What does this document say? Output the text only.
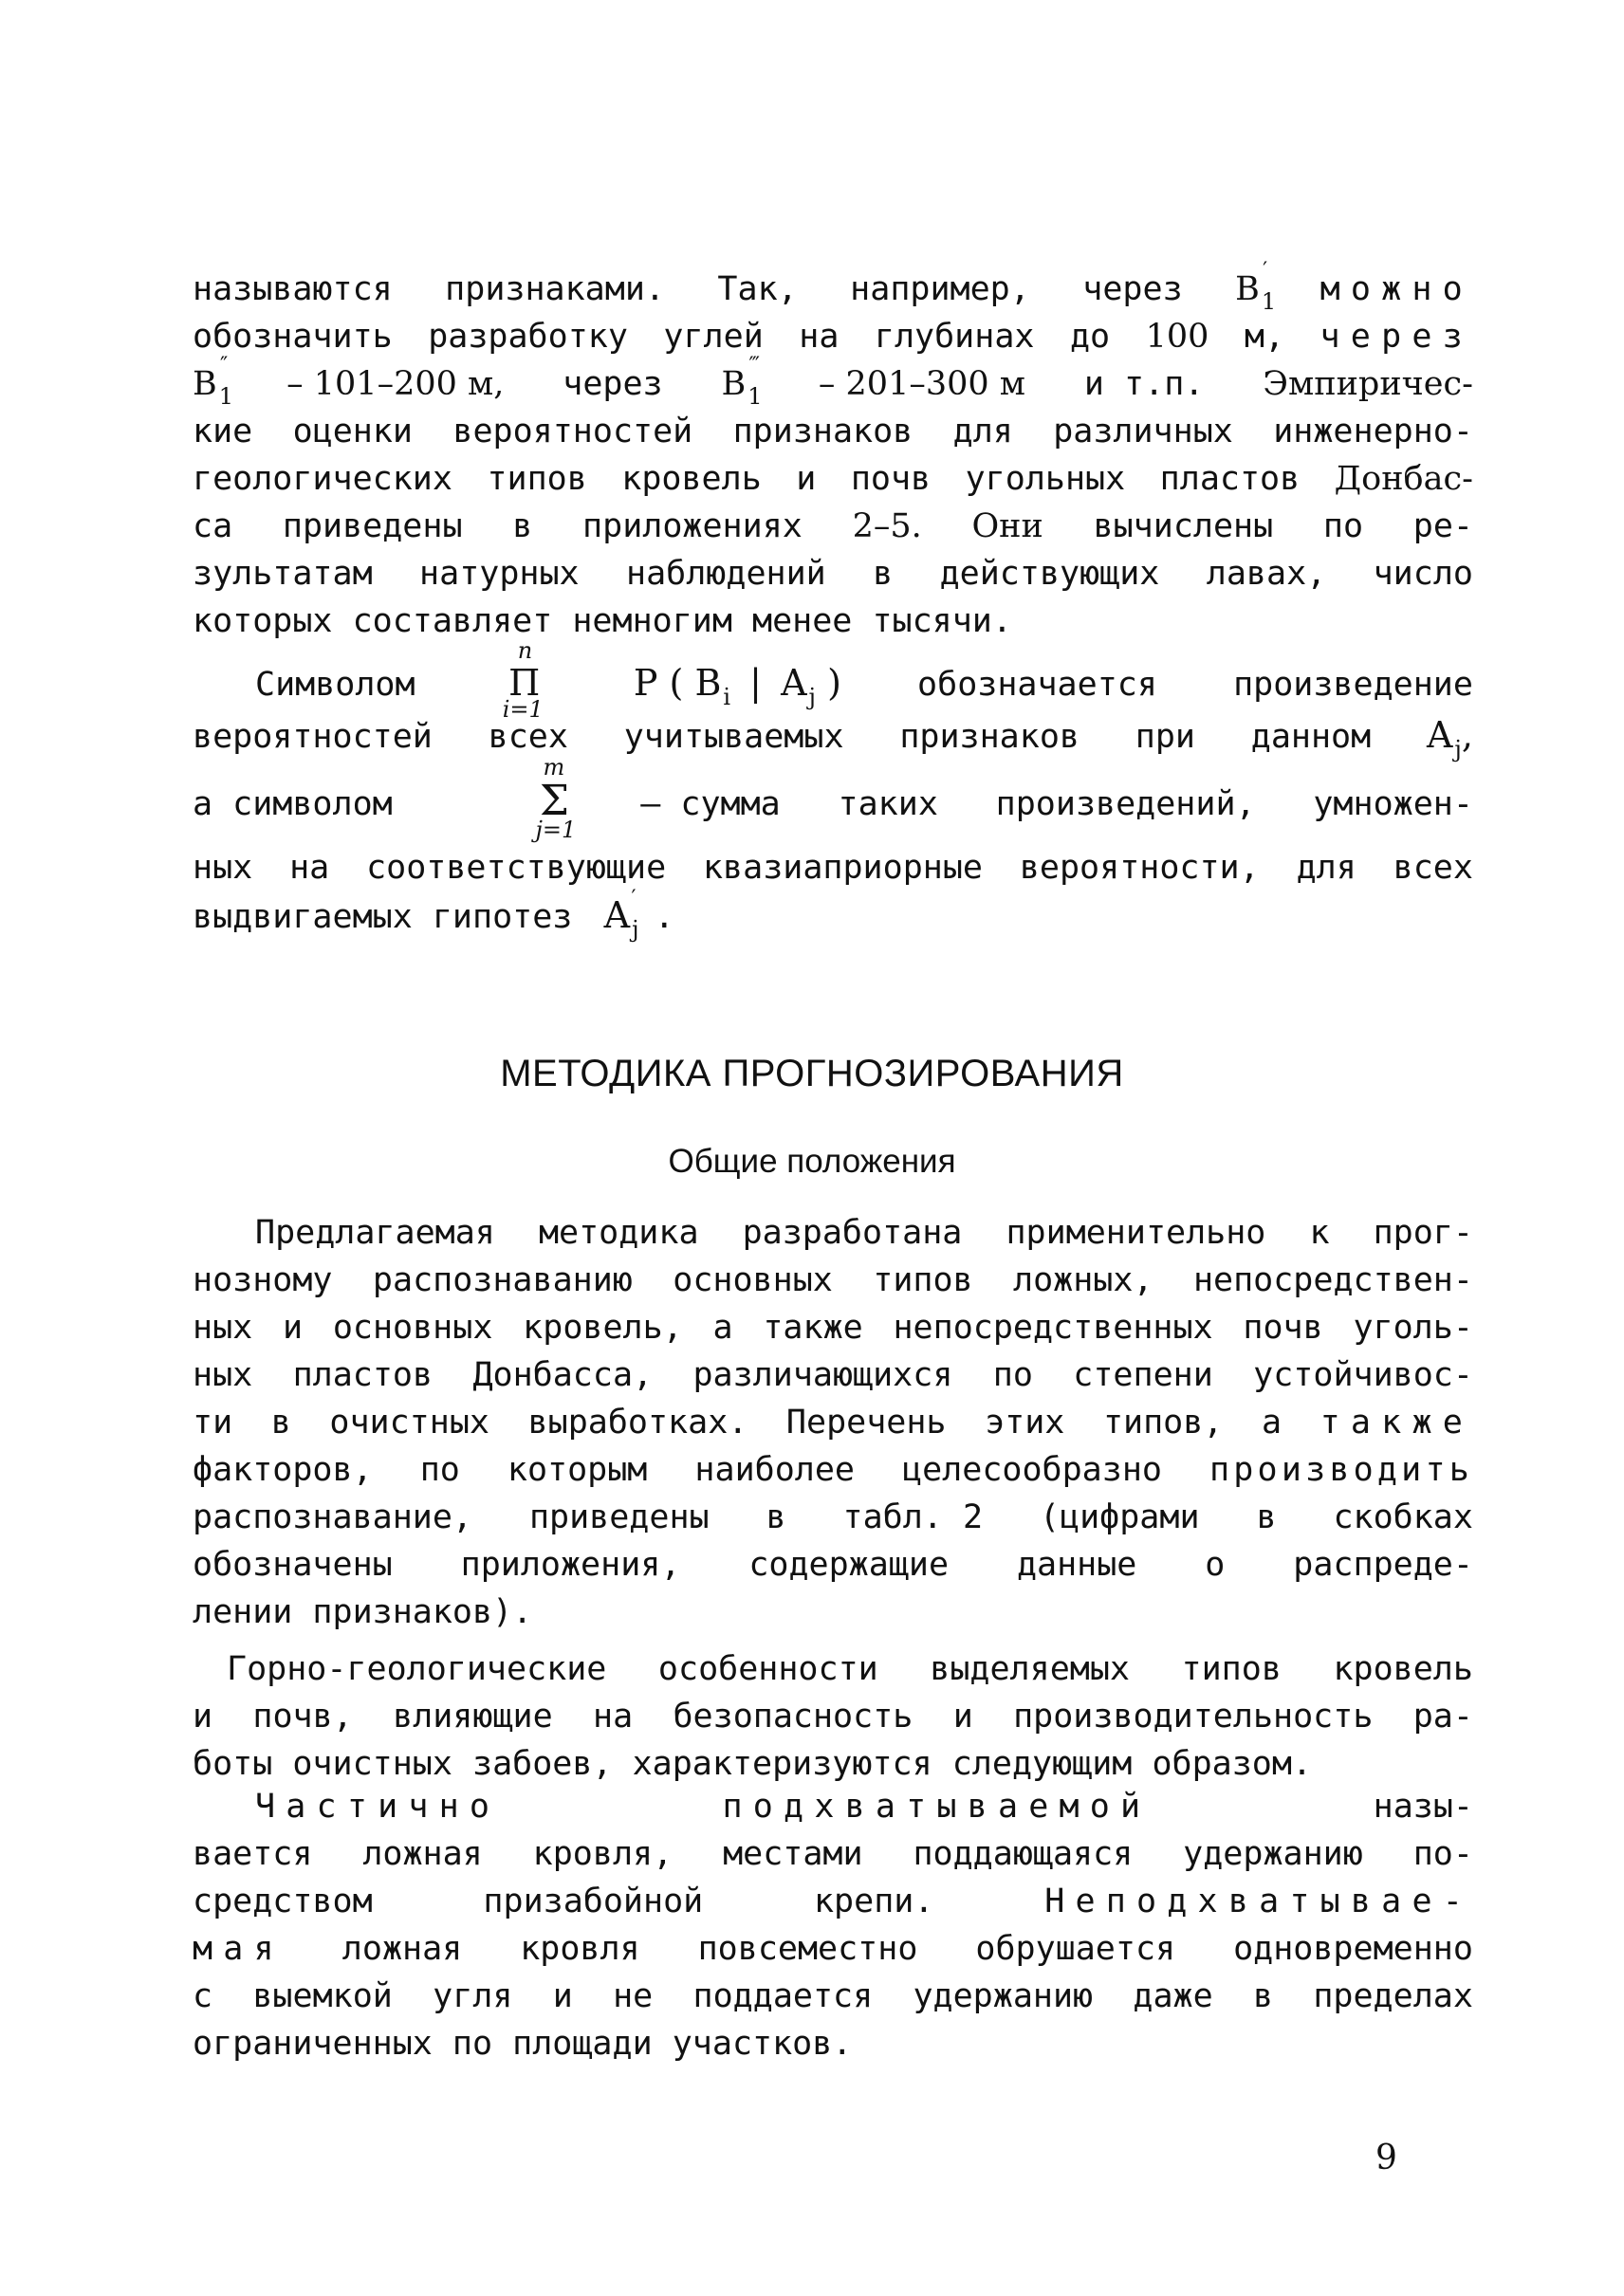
называются признаками. Так, например, через $B_1'$ можно
обозначить разработку углей на глубинах до 100 м, через
$B_1'' - 101-200$ м, через $B_1^‴ - 201-300$ м и т.п. Эмпиричес-
кие оценки вероятностей признаков для различных инженерно-
геологических типов кровель и почв угольных пластов Донбас-
са приведены в приложениях 2–5. Они вычислены по ре-
зультатам натурных наблюдений в действующих лавах, число
которых составляет немногим менее тысячи.
Символом
n
Π
i=1
P ( $B_i$ | $A_j$ ) обозначается произведение
вероятностей всех учитываемых признаков при данном $A_j$,
а символом
m
Σ
j=1
– сумма таких произведений, умножен-
ных на соответствующие квазиаприорные вероятности, для всех
выдвигаемых гипотез $A_j'$ .
МЕТОДИКА ПРОГНОЗИРОВАНИЯ
Общие положения
Предлагаемая методика разработана применительно к прог-
нозному распознаванию основных типов ложных, непосредствен-
ных и основных кровель, а также непосредственных почв уголь-
ных пластов Донбасса, различающихся по степени устойчивос-
ти в очистных выработках. Перечень этих типов, а также
факторов, по которым наиболее целесообразно производить
распознавание, приведены в табл. 2 (цифрами в скобках
обозначены приложения, содержащие данные о распреде-
лении признаков).
Горно-геологические особенности выделяемых типов кровель
и почв, влияющие на безопасность и производительность ра-
боты очистных забоев, характеризуются следующим образом.
Частично	подхватываемой	назы-
вается ложная кровля, местами поддающаяся удержанию по-
средством	призабойной	крепи.	Неподхватывае-
мая ложная кровля повсеместно обрушается одновременно
с выемкой угля и не поддается удержанию даже в пределах
ограниченных по площади участков.
9
